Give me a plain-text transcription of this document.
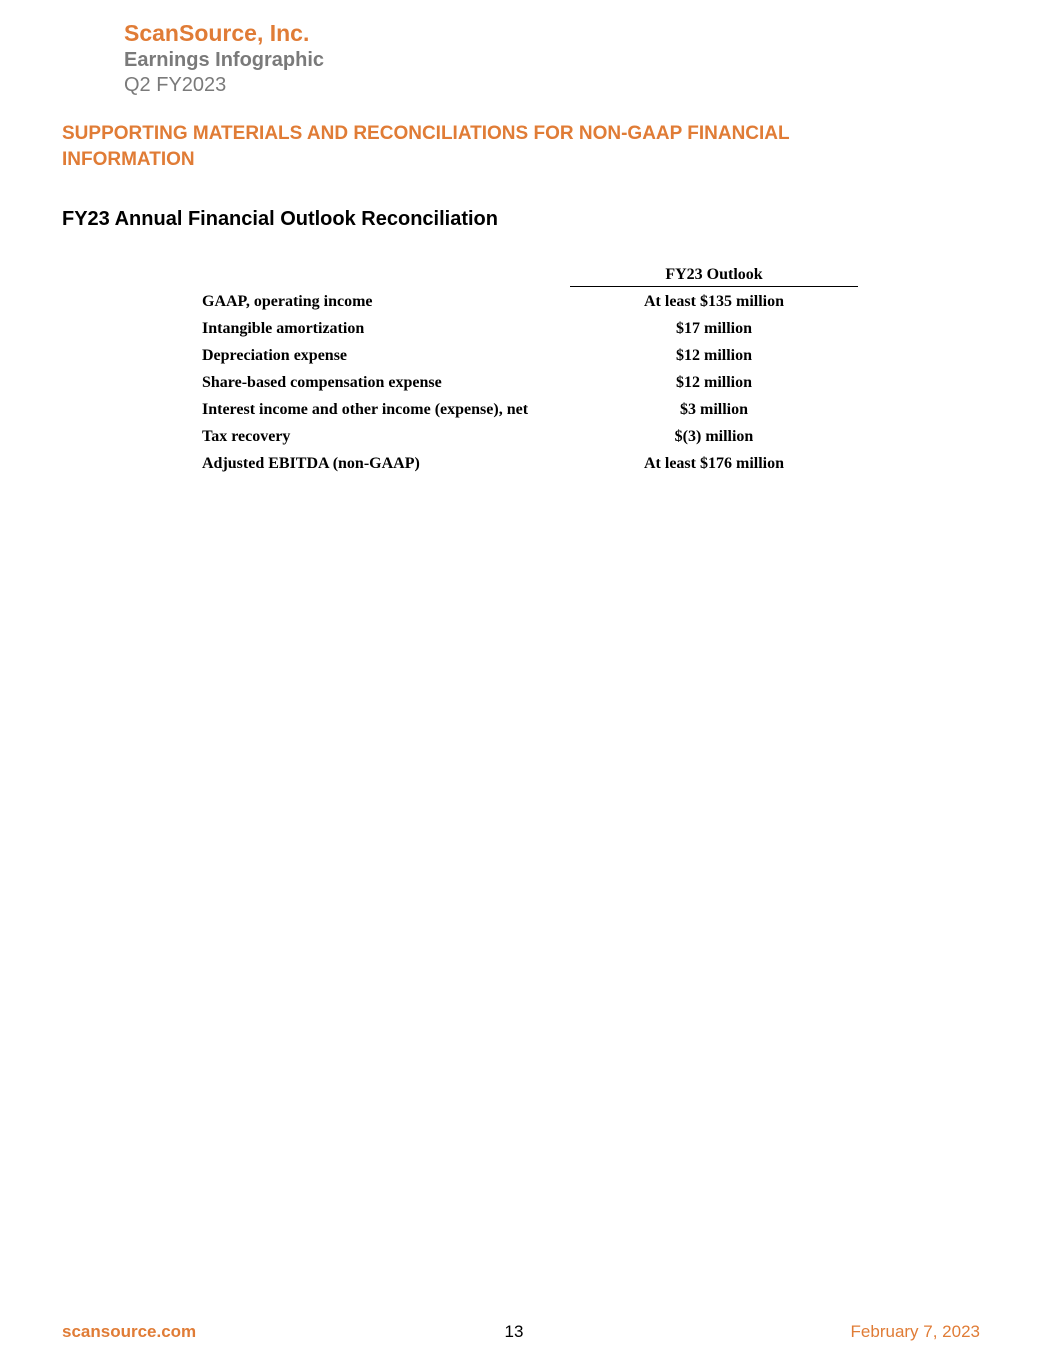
ScanSource, Inc.
Earnings Infographic
Q2 FY2023
SUPPORTING MATERIALS AND RECONCILIATIONS FOR NON-GAAP FINANCIAL INFORMATION
FY23 Annual Financial Outlook Reconciliation
FY23 Outlook
GAAP, operating income	At least $135 million
Intangible amortization	$17 million
Depreciation expense	$12 million
Share-based compensation expense	$12 million
Interest income and other income (expense), net	$3 million
Tax recovery	$(3) million
Adjusted EBITDA (non-GAAP)	At least $176 million
scansource.com	13	February 7, 2023
